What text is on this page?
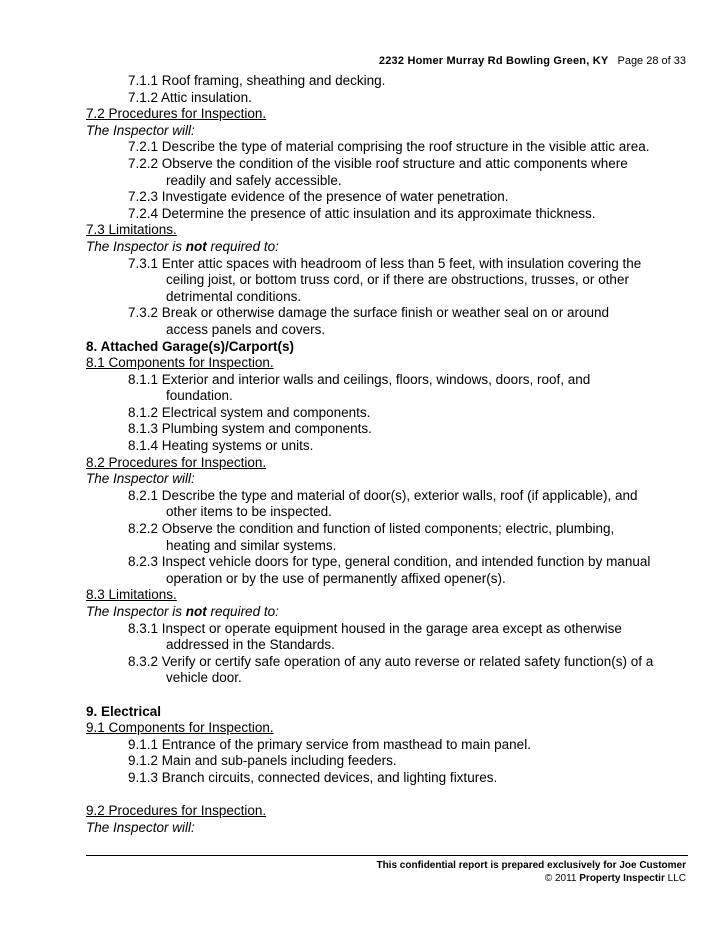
2232 Homer Murray Rd Bowling Green, KY Page 28 of 33
7.1.1 Roof framing, sheathing and decking.
7.1.2 Attic insulation.
7.2 Procedures for Inspection.
The Inspector will:
7.2.1 Describe the type of material comprising the roof structure in the visible attic area.
7.2.2 Observe the condition of the visible roof structure and attic components where
readily and safely accessible.
7.2.3 Investigate evidence of the presence of water penetration.
7.2.4 Determine the presence of attic insulation and its approximate thickness.
7.3 Limitations.
The Inspector is not required to:
7.3.1 Enter attic spaces with headroom of less than 5 feet, with insulation covering the
ceiling joist, or bottom truss cord, or if there are obstructions, trusses, or other
detrimental conditions.
7.3.2 Break or otherwise damage the surface finish or weather seal on or around
access panels and covers.
8. Attached Garage(s)/Carport(s)
8.1 Components for Inspection.
8.1.1 Exterior and interior walls and ceilings, floors, windows, doors, roof, and
foundation.
8.1.2 Electrical system and components.
8.1.3 Plumbing system and components.
8.1.4 Heating systems or units.
8.2 Procedures for Inspection.
The Inspector will:
8.2.1 Describe the type and material of door(s), exterior walls, roof (if applicable), and
other items to be inspected.
8.2.2 Observe the condition and function of listed components; electric, plumbing,
heating and similar systems.
8.2.3 Inspect vehicle doors for type, general condition, and intended function by manual
operation or by the use of permanently affixed opener(s).
8.3 Limitations.
The Inspector is not required to:
8.3.1 Inspect or operate equipment housed in the garage area except as otherwise
addressed in the Standards.
8.3.2 Verify or certify safe operation of any auto reverse or related safety function(s) of a
vehicle door.
9. Electrical
9.1 Components for Inspection.
9.1.1 Entrance of the primary service from masthead to main panel.
9.1.2 Main and sub-panels including feeders.
9.1.3 Branch circuits, connected devices, and lighting fixtures.
9.2 Procedures for Inspection.
The Inspector will:
This confidential report is prepared exclusively for Joe Customer
© 2011 Property Inspectir LLC
